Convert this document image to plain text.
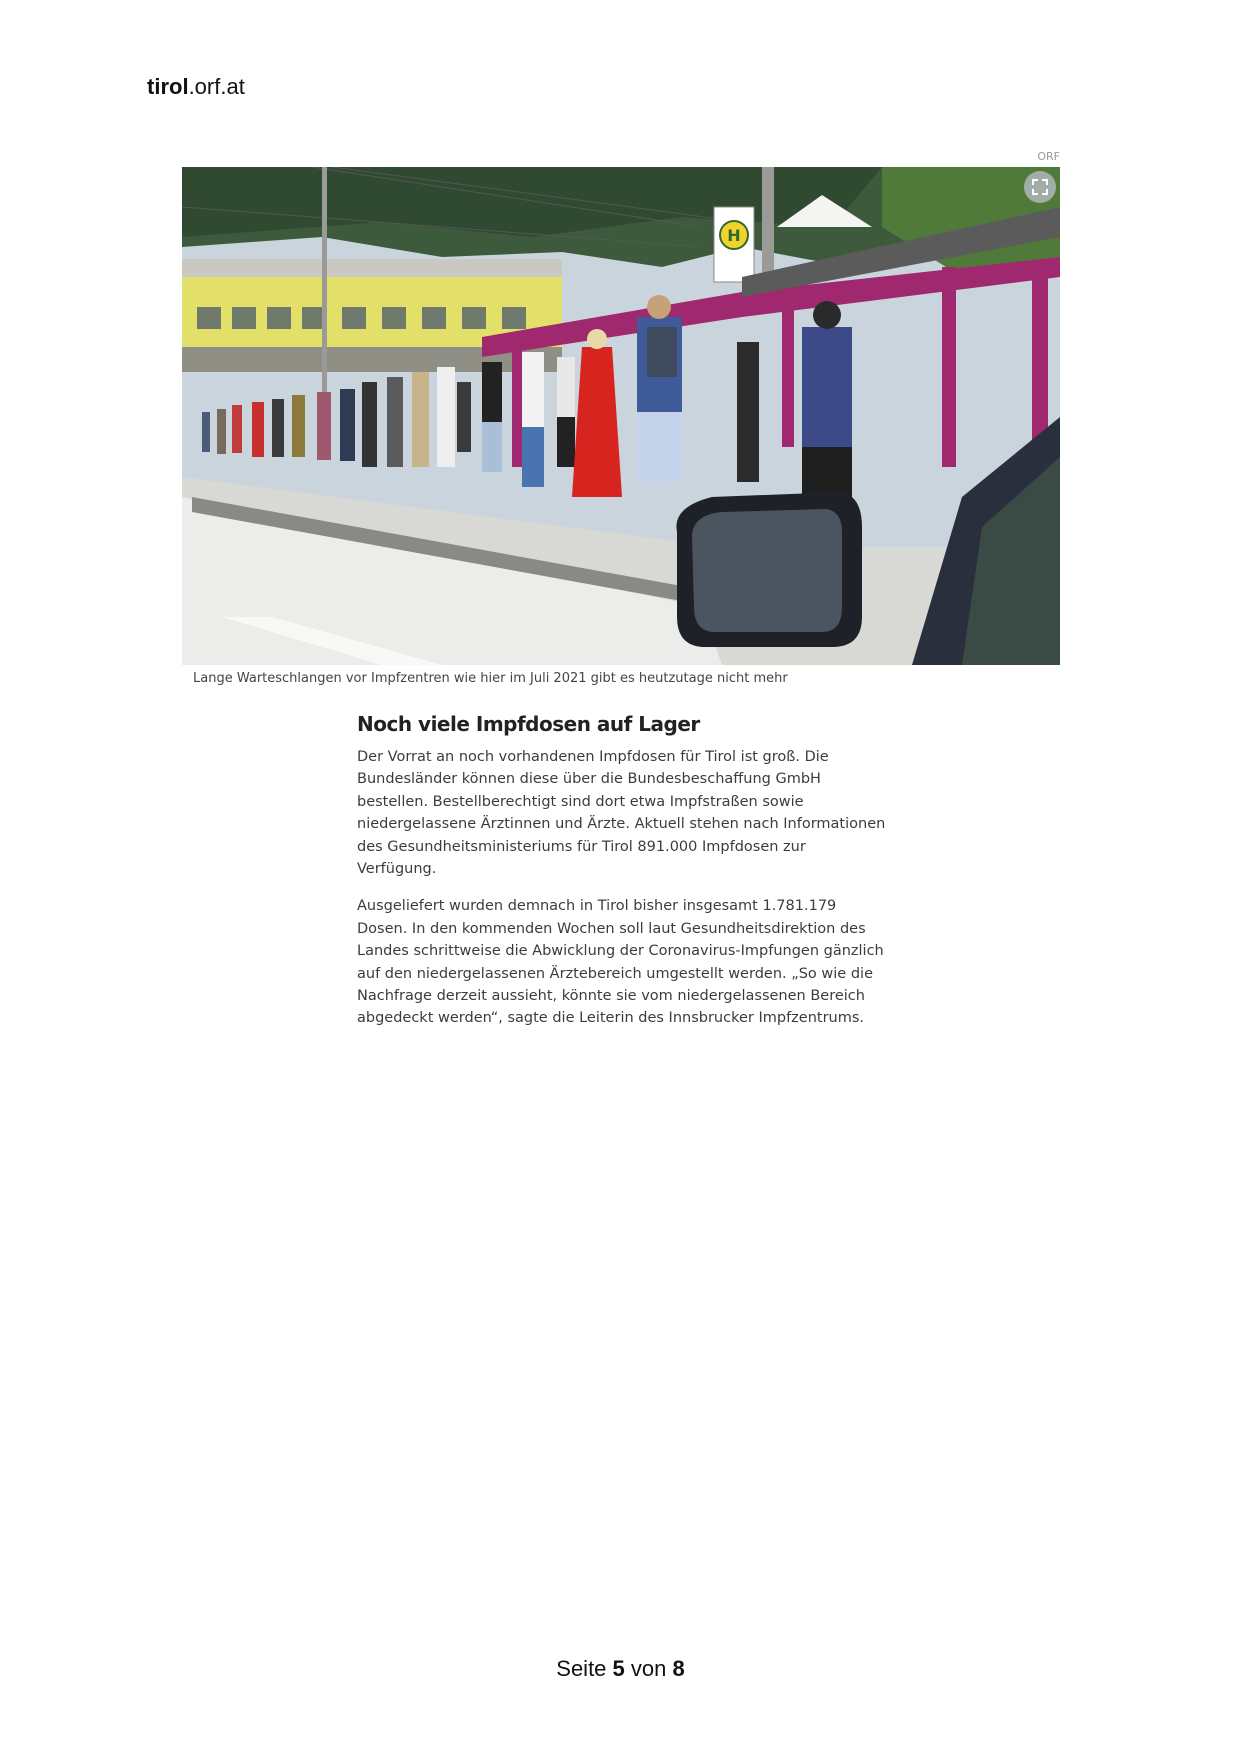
tirol.orf.at
ORF
H
Lange Warteschlangen vor Impfzentren wie hier im Juli 2021 gibt es heutzutage nicht mehr
Noch viele Impfdosen auf Lager

Der Vorrat an noch vorhandenen Impfdosen für Tirol ist groß. Die Bundesländer können diese über die Bundesbeschaffung GmbH bestellen. Bestellberechtigt sind dort etwa Impfstraßen sowie niedergelassene Ärztinnen und Ärzte. Aktuell stehen nach Informationen des Gesundheitsministeriums für Tirol 891.000 Impfdosen zur Verfügung.

Ausgeliefert wurden demnach in Tirol bisher insgesamt 1.781.179 Dosen. In den kommenden Wochen soll laut Gesundheitsdirektion des Landes schrittweise die Abwicklung der Coronavirus-Impfungen gänzlich auf den niedergelassenen Ärztebereich umgestellt werden. „So wie die Nachfrage derzeit aussieht, könnte sie vom niedergelassenen Bereich abgedeckt werden“, sagte die Leiterin des Innsbrucker Impfzentrums.

Seite 5 von 8
